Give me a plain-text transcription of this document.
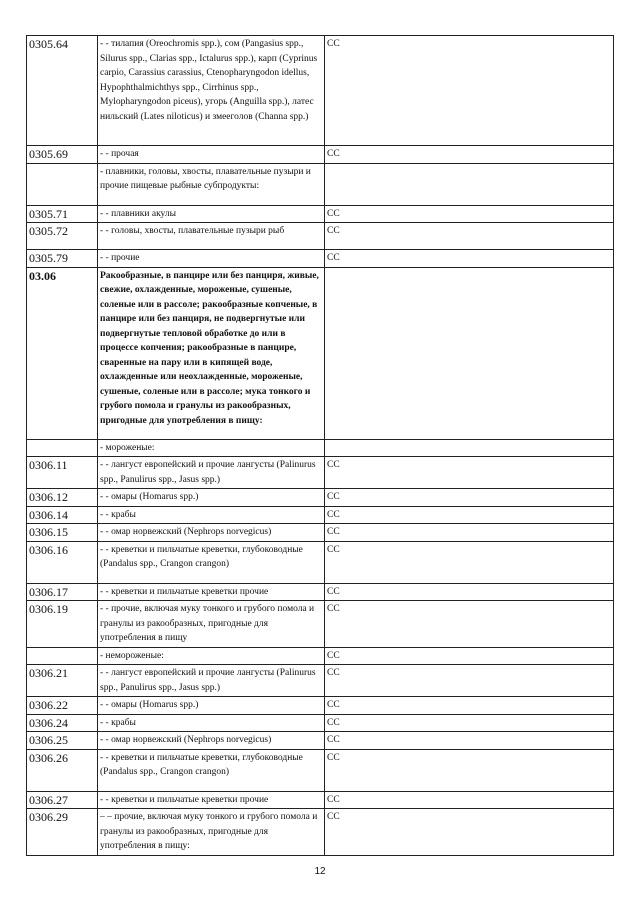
0305.64	- - тилапия (Oreochromis spp.), сом (Pangasius spp., Silurus spp., Clarias spp., Ictalurus spp.), карп (Cyprinus carpio, Carassius carassius, Ctenopharyngodon idellus, Hypophthalmichthys spp., Cirrhinus spp., Mylopharyngodon piceus), угорь (Anguilla spp.), латес нильский (Lates niloticus) и змееголов (Channa spp.)	СС
0305.69	- - прочая	СС
	- плавники, головы, хвосты, плавательные пузыри и прочие пищевые рыбные субпродукты:	
0305.71	- - плавники акулы	СС
0305.72	- - головы, хвосты, плавательные пузыри рыб	СС
0305.79	- - прочие	СС
03.06	Ракообразные, в панцире или без панциря, живые, свежие, охлажденные, мороженые, сушеные, соленые или в рассоле; ракообразные копченые, в панцире или без панциря, не подвергнутые или подвергнутые тепловой обработке до или в процессе копчения; ракообразные в панцире, сваренные на пару или в кипящей воде, охлажденные или неохлажденные, мороженые, сушеные, соленые или в рассоле; мука тонкого и грубого помола и гранулы из ракообразных, пригодные для употребления в пищу:	
	- мороженые:	
0306.11	- - лангуст европейский и прочие лангусты (Palinurus spp., Panulirus spp., Jasus spp.)	СС
0306.12	- - омары (Homarus spp.)	СС
0306.14	- - крабы	СС
0306.15	- - омар норвежский (Nephrops norvegicus)	СС
0306.16	- - креветки и пильчатые креветки, глубоководные (Pandalus spp., Crangon crangon)	СС
0306.17	- - креветки и пильчатые креветки прочие	СС
0306.19	- - прочие, включая муку тонкого и грубого помола и гранулы из ракообразных, пригодные для употребления в пищу	СС
	- немороженые:	СС
0306.21	- - лангуст европейский и прочие лангусты (Palinurus spp., Panulirus spp., Jasus spp.)	СС
0306.22	- - омары (Homarus spp.)	СС
0306.24	- - крабы	СС
0306.25	- - омар норвежский (Nephrops norvegicus)	СС
0306.26	- - креветки и пильчатые креветки, глубоководные (Pandalus spp., Crangon crangon)	СС
0306.27	- - креветки и пильчатые креветки прочие	СС
0306.29	– – прочие, включая муку тонкого и грубого помола и гранулы из ракообразных, пригодные для употребления в пищу:	СС
12
